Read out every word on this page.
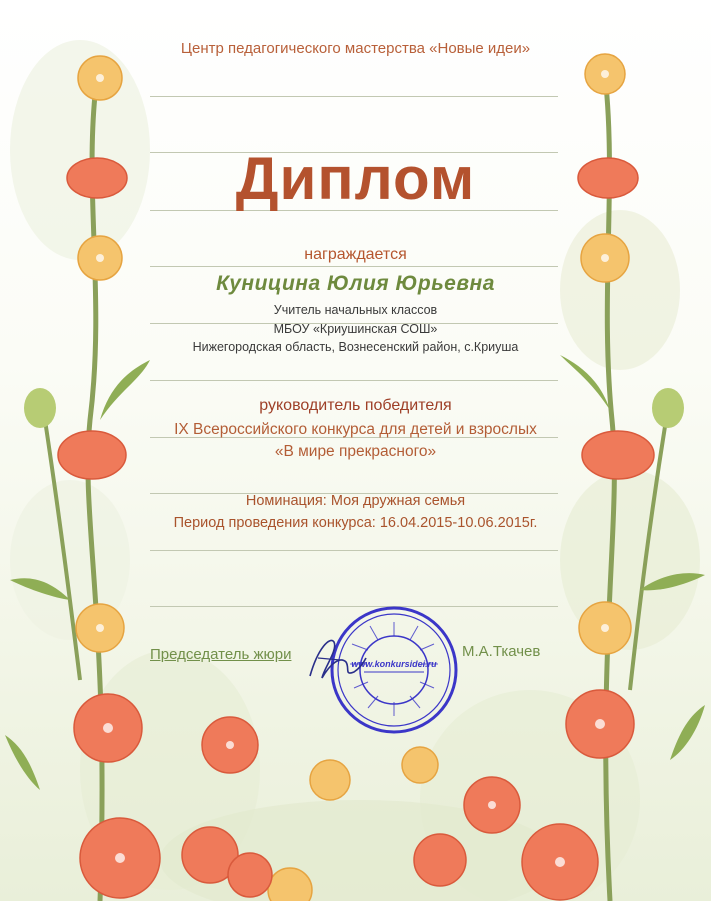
Центр педагогического мастерства «Новые идеи»
Диплом
награждается
Куницина Юлия Юрьевна
Учитель начальных классов
МБОУ «Криушинская СОШ»
Нижегородская область, Вознесенский район, с.Криуша
руководитель победителя
IX Всероссийского конкурса для детей и взрослых
«В мире прекрасного»
Номинация: Моя дружная семья
Период проведения конкурса: 16.04.2015-10.06.2015г.
Председатель жюри	М.А.Ткачев
www.konkursidei.ru
